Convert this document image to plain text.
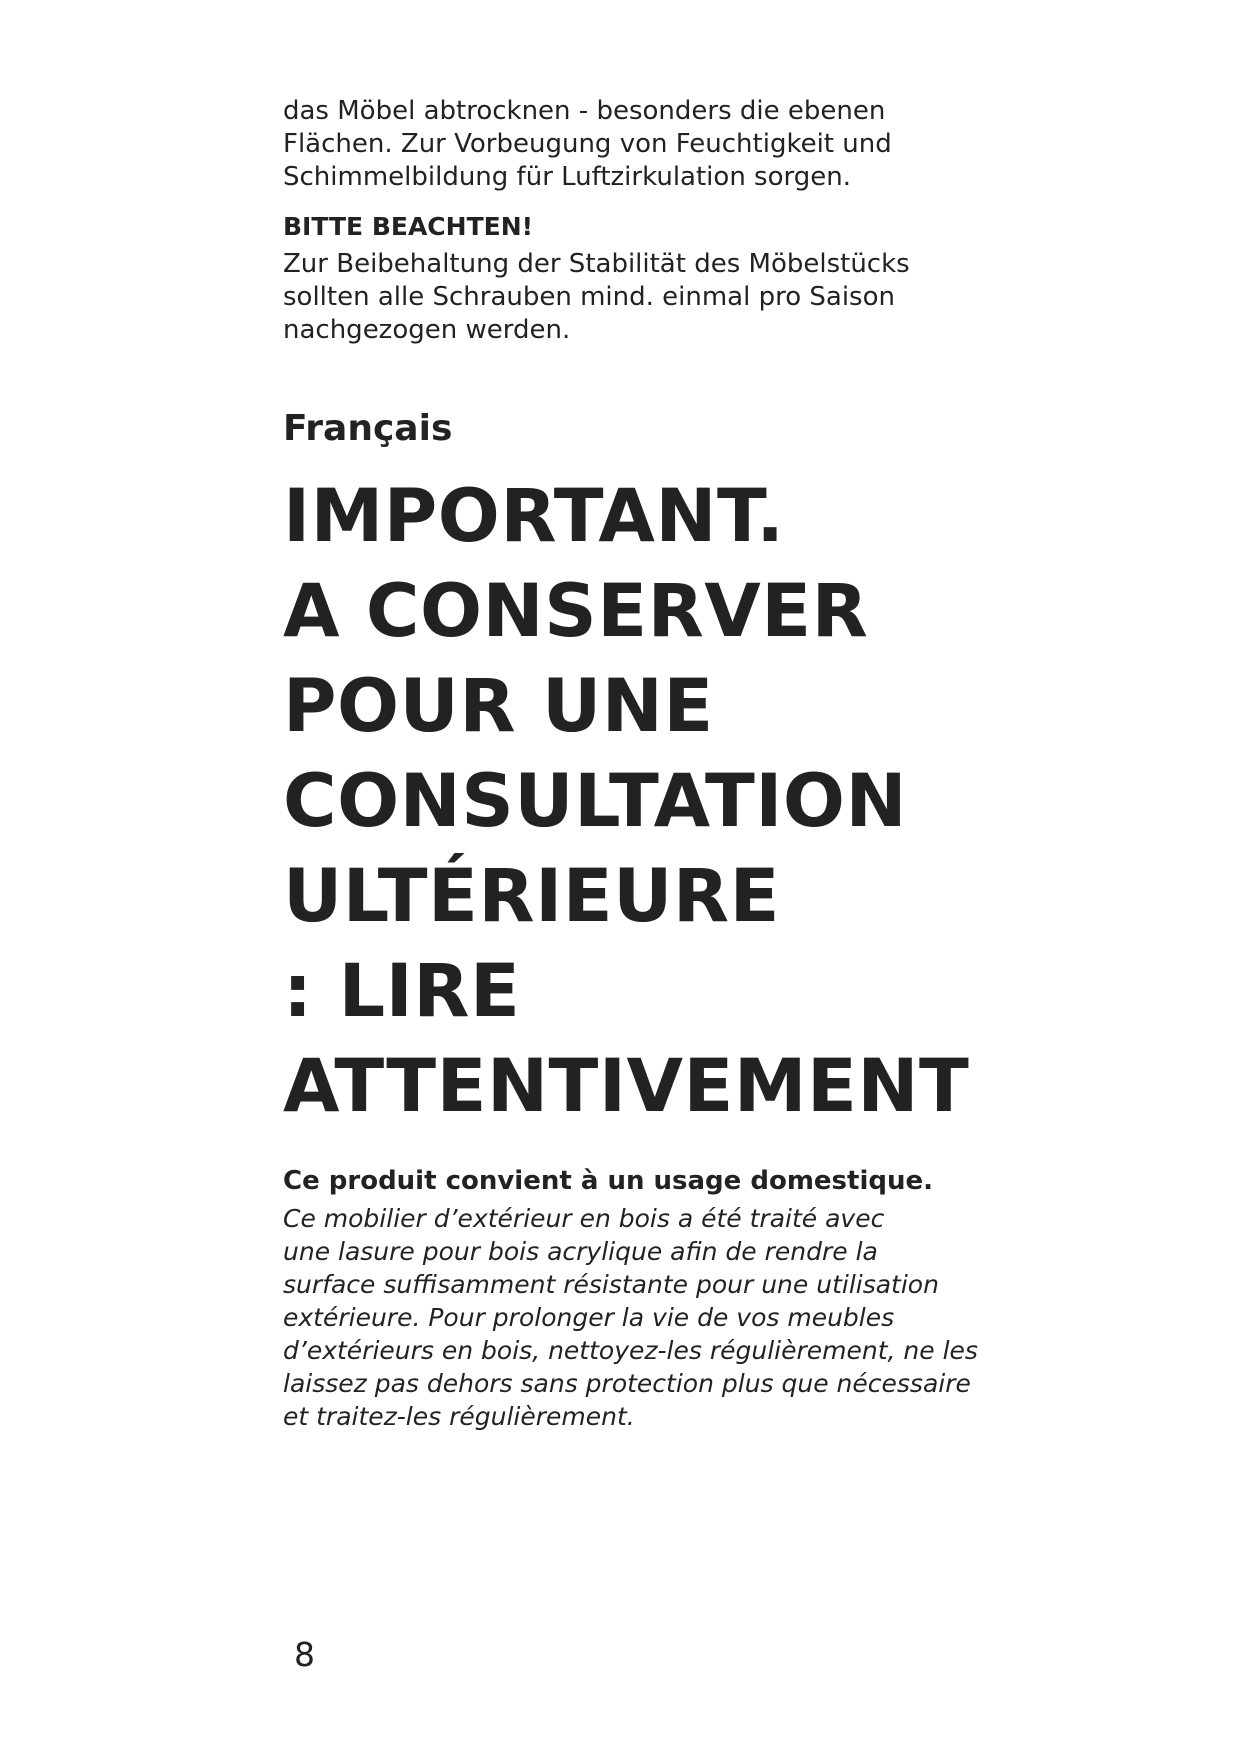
das Möbel abtrocknen - besonders die ebenen
Flächen. Zur Vorbeugung von Feuchtigkeit und
Schimmelbildung für Luftzirkulation sorgen.

BITTE BEACHTEN!

Zur Beibehaltung der Stabilität des Möbelstücks
sollten alle Schrauben mind. einmal pro Saison
nachgezogen werden.

Français
IMPORTANT.
A CONSERVER
POUR UNE
CONSULTATION
ULTÉRIEURE
: LIRE
ATTENTIVEMENT
Ce produit convient à un usage domestique.

Ce mobilier d’extérieur en bois a été traité avec
une lasure pour bois acrylique afin de rendre la
surface suffisamment résistante pour une utilisation
extérieure. Pour prolonger la vie de vos meubles
d’extérieurs en bois, nettoyez-les régulièrement, ne les
laissez pas dehors sans protection plus que nécessaire
et traitez-les régulièrement.

8
